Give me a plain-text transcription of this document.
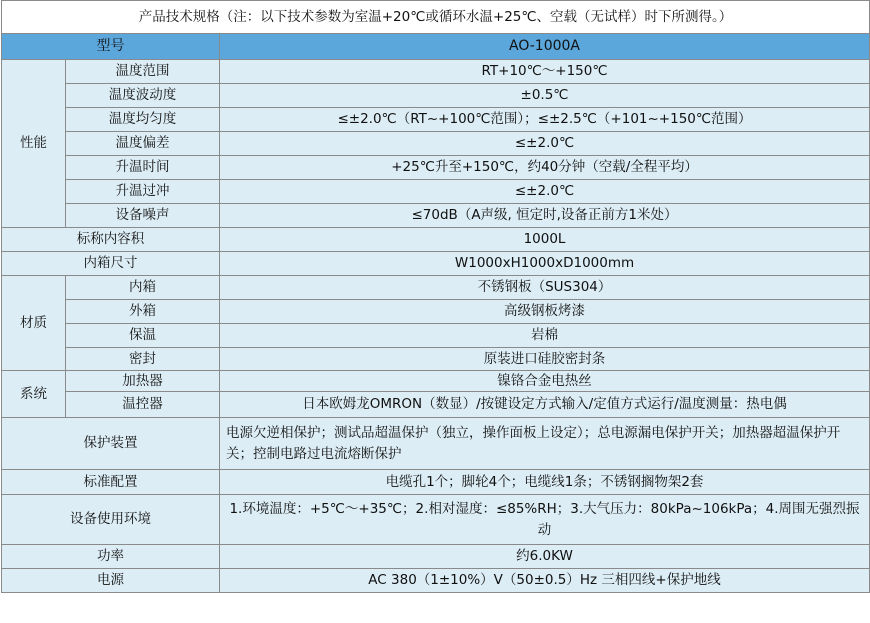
产品技术规格（注：以下技术参数为室温+20℃或循环水温+25℃、空载（无试样）时下所测得。）		
型号		AO-1000A
性能	温度范围	RT+10℃～+150℃
	温度波动度	±0.5℃
	温度均匀度	≤±2.0℃（RT~+100℃范围）；≤±2.5℃（+101~+150℃范围）
	温度偏差	≤±2.0℃
	升温时间	+25℃升至+150℃，约40分钟（空载/全程平均）
	升温过冲	≤±2.0℃
	设备噪声	≤70dB（A声级, 恒定时,设备正前方1米处）
标称内容积		1000L
内箱尺寸		W1000xH1000xD1000mm
材质	内箱	不锈钢板（SUS304）
	外箱	高级钢板烤漆
	保温	岩棉
	密封	原装进口硅胶密封条
系统	加热器	镍铬合金电热丝
	温控器	日本欧姆龙OMRON（数显）/按键设定方式输入/定值方式运行/温度测量：热电偶
保护装置		电源欠逆相保护；测试品超温保护（独立，操作面板上设定）；总电源漏电保护开关；加热器超温保护开关；控制电路过电流熔断保护
标准配置		电缆孔1个；脚轮4个；电缆线1条；不锈钢搁物架2套
设备使用环境		1.环境温度：+5℃～+35℃；2.相对湿度：≤85%RH；3.大气压力：80kPa~106kPa；4.周围无强烈振动
功率		约6.0KW
电源		AC 380（1±10%）V（50±0.5）Hz 三相四线+保护地线
